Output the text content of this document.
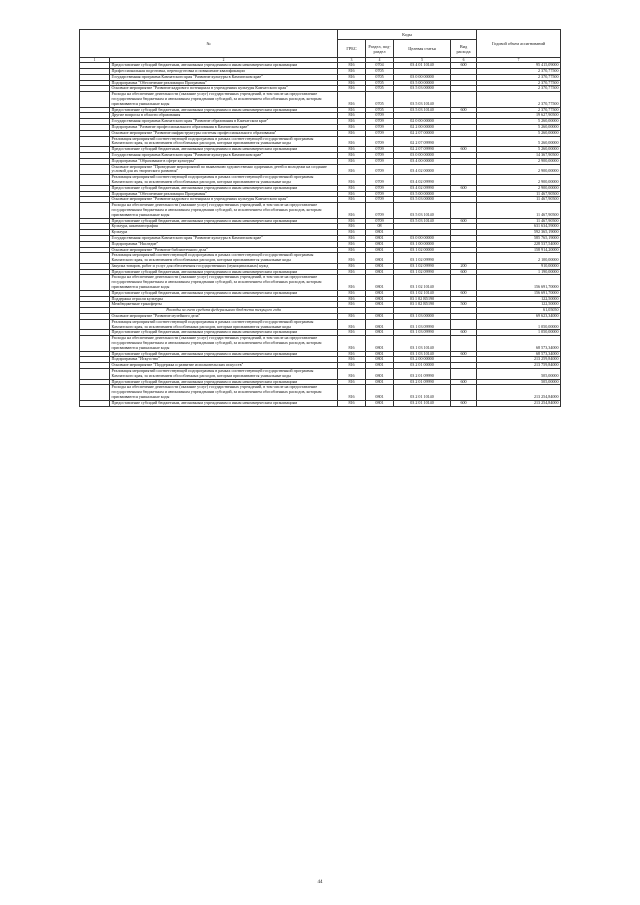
№		Коды				Годовой объем ассигнований
		ГРБС	Раздел, под-раздел	Целевая статья	Вид расхода	
1	2	3	4	5	6	7
	Предоставление субсидий бюджетным, автономным учреждениям и иным некоммерческим организациям	816	0704	03 4 01 10140	600	95 415,09000
	Профессиональная подготовка, переподготовка и повышение квалификации	816	0705			2 370,77500
	Государственная программа Камчатского края "Развитие культуры в Камчатском крае"	816	0705	03 0 00 00000		2 370,77500
	Подпрограмма "Обеспечение реализации Программы"	816	0705	03 5 00 00000		2 370,77500
	Основное мероприятие "Развитие кадрового потенциала в учреждениях культуры Камчатского края"	816	0705	03 5 03 00000		2 370,77500
	Расходы на обеспечение деятельности (оказание услуг) государственных учреждений, в том числе на предоставление государственным бюджетным и автономным учреждениям субсидий, за исключением обособленных расходов, которым присваиваются уникальные коды	816	0705	03 5 03 10140		2 370,77500
	Предоставление субсидий бюджетным, автономным учреждениям и иным некоммерческим организациям	816	0705	03 5 03 10140	600	2 370,77500
	Другие вопросы в области образования	816	0709			19 627,90500
	Государственная программа Камчатского края "Развитие образования в Камчатском крае"	816	0709	02 0 00 00000		5 260,00000
	Подпрограмма "Развитие профессионального образования в Камчатском крае"	816	0709	02 2 00 00000		5 260,00000
	Основное мероприятие "Развитие инфраструктуры системы профессионального образования"	816	0709	02 2 07 00000		5 260,00000
	Реализация мероприятий соответствующей подпрограммы в рамках соответствующей государственной программы Камчатского края, за исключением обособленных расходов, которым присваиваются уникальные коды	816	0709	02 2 07 09990		5 260,00000
	Предоставление субсидий бюджетным, автономным учреждениям и иным некоммерческим организациям	816	0709	02 2 07 09990	600	5 260,00000
	Государственная программа Камчатского края "Развитие культуры в Камчатском крае"	816	0709	03 0 00 00000		14 367,90500
	Подпрограмма "Образование в сфере культуры"	816	0709	03 4 00 00000		2 900,00000
	Основное мероприятие "Проведение мероприятий по выявлению художественно одаренных детей и молодежи на создание условий для их творческого развития"	816	0709	03 4 02 00000		2 900,00000
	Реализация мероприятий соответствующей подпрограммы в рамках соответствующей государственной программы Камчатского края, за исключением обособленных расходов, которым присваиваются уникальные коды	816	0709	03 4 02 09990		2 900,00000
	Предоставление субсидий бюджетным, автономным учреждениям и иным некоммерческим организациям	816	0709	03 4 02 09990	600	2 900,00000
	Подпрограмма "Обеспечение реализации Программы"	816	0709	03 5 00 00000		11 467,90500
	Основное мероприятие "Развитие кадрового потенциала в учреждениях культуры Камчатского края"	816	0709	03 5 03 00000		11 467,90500
	Расходы на обеспечение деятельности (оказание услуг) государственных учреждений, в том числе на предоставление государственным бюджетным и автономным учреждениям субсидий, за исключением обособленных расходов, которым присваиваются уникальные коды	816	0709	03 5 03 10140		11 467,90500
	Предоставление субсидий бюджетным, автономным учреждениям и иным некоммерческим организациям	816	0709	03 5 03 10140	600	11 467,90500
	Культура, кинематография	816	08			631 634,59000
	Культура	816	0801			592 365,19000
	Государственная программа Камчатского края "Развитие культуры в Камчатском крае"	816	0801	03 0 00 00000		585 765,19000
	Подпрограмма "Наследие"	816	0801	03 1 00 00000		228 537,54000
	Основное мероприятие "Развитие библиотечного дела"	816	0801	03 1 02 00000		158 914,20000
	Реализация мероприятий соответствующей подпрограммы в рамках соответствующей государственной программы Камчатского края, за исключением обособленных расходов, которым присваиваются уникальные коды	816	0801	03 1 02 09990		2 100,00000
	Закупка товаров, работ и услуг для обеспечения государственных (муниципальных) нужд	816	0801	03 1 02 09990	200	910,00000
	Предоставление субсидий бюджетным, автономным учреждениям и иным некоммерческим организациям	816	0801	03 1 02 09990	600	1 190,00000
	Расходы на обеспечение деятельности (оказание услуг) государственных учреждений, в том числе на предоставление государственным бюджетным и автономным учреждениям субсидий, за исключением обособленных расходов, которым присваиваются уникальные коды	816	0801	03 1 02 10140		156 691,70000
	Предоставление субсидий бюджетным, автономным учреждениям и иным некоммерческим организациям	816	0801	03 1 02 10140	600	156 691,70000
	Поддержка отрасли культуры	816	0801	03 1 02 R5190		122,50000
	Межбюджетные трансферты	816	0801	03 1 02 R5190	500	122,50000
	Расходы за счет средств федерального бюджета текущего года					61,05050
	Основное мероприятие "Развитие музейного дела"	816	0801	03 1 03 00000		69 623,34000
	Реализация мероприятий соответствующей подпрограммы в рамках соответствующей государственной программы Камчатского края, за исключением обособленных расходов, которым присваиваются уникальные коды	816	0801	03 1 03 09990		1 050,00000
	Предоставление субсидий бюджетным, автономным учреждениям и иным некоммерческим организациям	816	0801	03 1 03 09990	600	1 050,00000
	Расходы на обеспечение деятельности (оказание услуг) государственных учреждений, в том числе на предоставление государственным бюджетным и автономным учреждениям субсидий, за исключением обособленных расходов, которым присваиваются уникальные коды	816	0801	03 1 03 10140		68 573,34000
	Предоставление субсидий бюджетным, автономным учреждениям и иным некоммерческим организациям	816	0801	03 1 03 10140	600	68 573,34000
	Подпрограмма "Искусство"	816	0801	03 2 00 00000		213 259,84000
	Основное мероприятие "Поддержка и развитие исполнительских искусств"	816	0801	03 2 01 00000		213 759,84000
	Реализация мероприятий соответствующей подпрограммы в рамках соответствующей государственной программы Камчатского края, за исключением обособленных расходов, которым присваиваются уникальные коды	816	0801	03 2 01 09990		505,00000
	Предоставление субсидий бюджетным, автономным учреждениям и иным некоммерческим организациям	816	0801	03 2 01 09990	600	505,00000
	Расходы на обеспечение деятельности (оказание услуг) государственных учреждений, в том числе на предоставление государственным бюджетным и автономным учреждениям субсидий, за исключением обособленных расходов, которым присваиваются уникальные коды	816	0801	03 2 01 10140		213 254,84000
	Предоставление субсидий бюджетным, автономным учреждениям и иным некоммерческим организациям	816	0801	03 2 01 10140	600	213 254,84000
44
